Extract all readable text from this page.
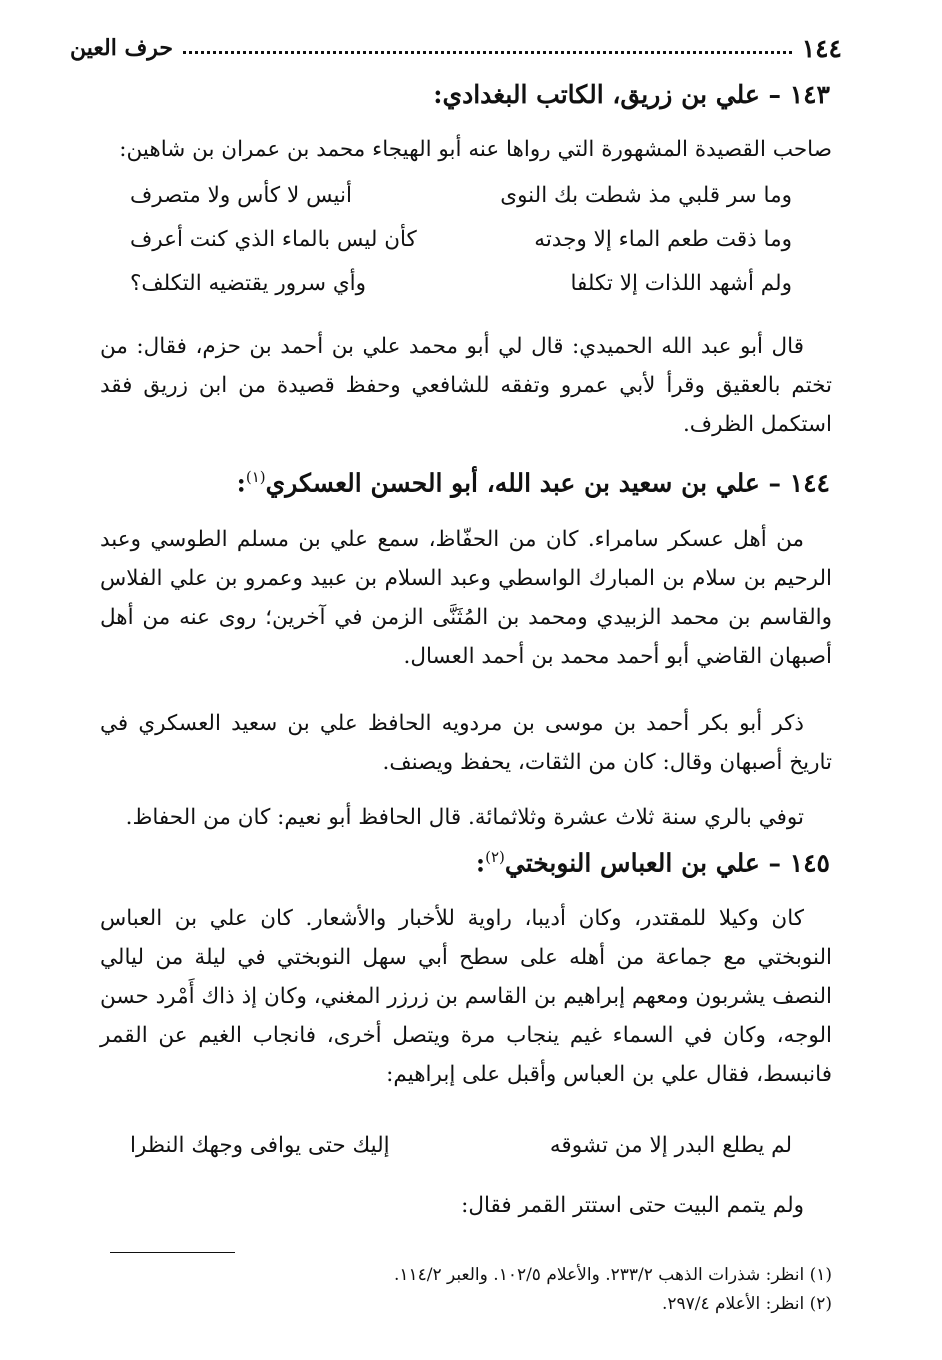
١٤٤
حرف العين
١٤٣ – علي بن زريق، الكاتب البغدادي:
صاحب القصيدة المشهورة التي رواها عنه أبو الهيجاء محمد بن عمران بن شاهين:
وما سر قلبي مذ شطت بك النوى
أنيس لا كأس ولا متصرف
وما ذقت طعم الماء إلا وجدته
كأن ليس بالماء الذي كنت أعرف
ولم أشهد اللذات إلا تكلفا
وأي سرور يقتضيه التكلف؟
قال أبو عبد الله الحميدي: قال لي أبو محمد علي بن أحمد بن حزم، فقال: من تختم بالعقيق وقرأ لأبي عمرو وتفقه للشافعي وحفظ قصيدة من ابن زريق فقد استكمل الظرف.
١٤٤ – علي بن سعيد بن عبد الله، أبو الحسن العسكري$^{(١)}$:
من أهل عسكر سامراء. كان من الحفّاظ، سمع علي بن مسلم الطوسي وعبد الرحيم بن سلام بن المبارك الواسطي وعبد السلام بن عبيد وعمرو بن علي الفلاس والقاسم بن محمد الزبيدي ومحمد بن المُثَنَّى الزمن في آخرين؛ روى عنه من أهل أصبهان القاضي أبو أحمد محمد بن أحمد العسال.
ذكر أبو بكر أحمد بن موسى بن مردويه الحافظ علي بن سعيد العسكري في تاريخ أصبهان وقال: كان من الثقات، يحفظ ويصنف.
توفي بالري سنة ثلاث عشرة وثلاثمائة. قال الحافظ أبو نعيم: كان من الحفاظ.
١٤٥ – علي بن العباس النوبختي$^{(٢)}$:
كان وكيلا للمقتدر، وكان أديبا، راوية للأخبار والأشعار. كان علي بن العباس النوبختي مع جماعة من أهله على سطح أبي سهل النوبختي في ليلة من ليالي النصف يشربون ومعهم إبراهيم بن القاسم بن زرزر المغني، وكان إذ ذاك أَمْرد حسن الوجه، وكان في السماء غيم ينجاب مرة ويتصل أخرى، فانجاب الغيم عن القمر فانبسط، فقال علي بن العباس وأقبل على إبراهيم:
لم يطلع البدر إلا من تشوقه
إليك حتى يوافى وجهك النظرا
ولم يتمم البيت حتى استتر القمر فقال:
(١) انظر: شذرات الذهب ٢٣٣/٢. والأعلام ١٠٢/٥. والعبر ١١٤/٢.
(٢) انظر: الأعلام ٢٩٧/٤.
